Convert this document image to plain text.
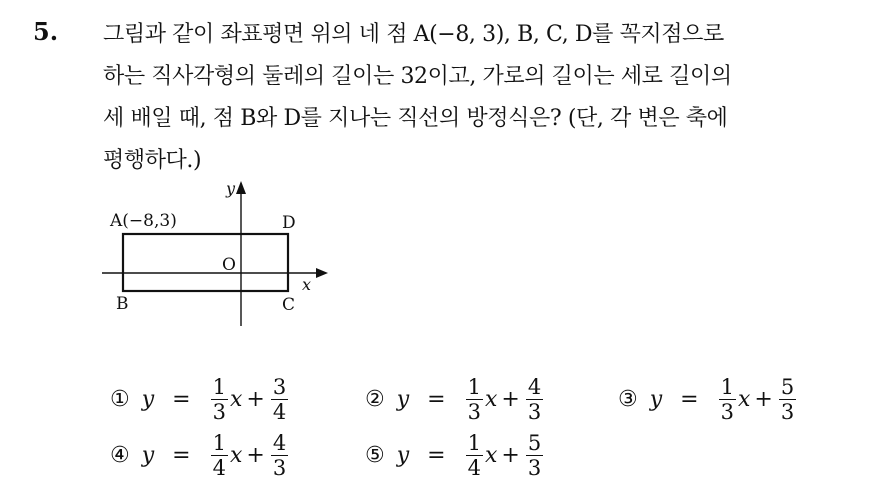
5. 그림과 같이 좌표평면 위의 네 점 A(−8, 3), B, C, D를 꼭지점으로
하는 직사각형의 둘레의 길이는 32이고, 가로의 길이는 세로 길이의
세 배일 때, 점 B와 D를 지나는 직선의 방정식은? (단, 각 변은 축에
평행하다.)
y
x
O
A(−8,3)
B	C
D
① $y = \frac{1}{3}$ $x + \frac{3}{4}$	② $y = \frac{1}{3}$ $x + \frac{4}{3}$	③ $y = \frac{1}{3}$ $x + \frac{5}{3}$
④ $y = \frac{1}{4}$ $x + \frac{4}{3}$	⑤ $y = \frac{1}{4}$ $x + \frac{5}{3}$
